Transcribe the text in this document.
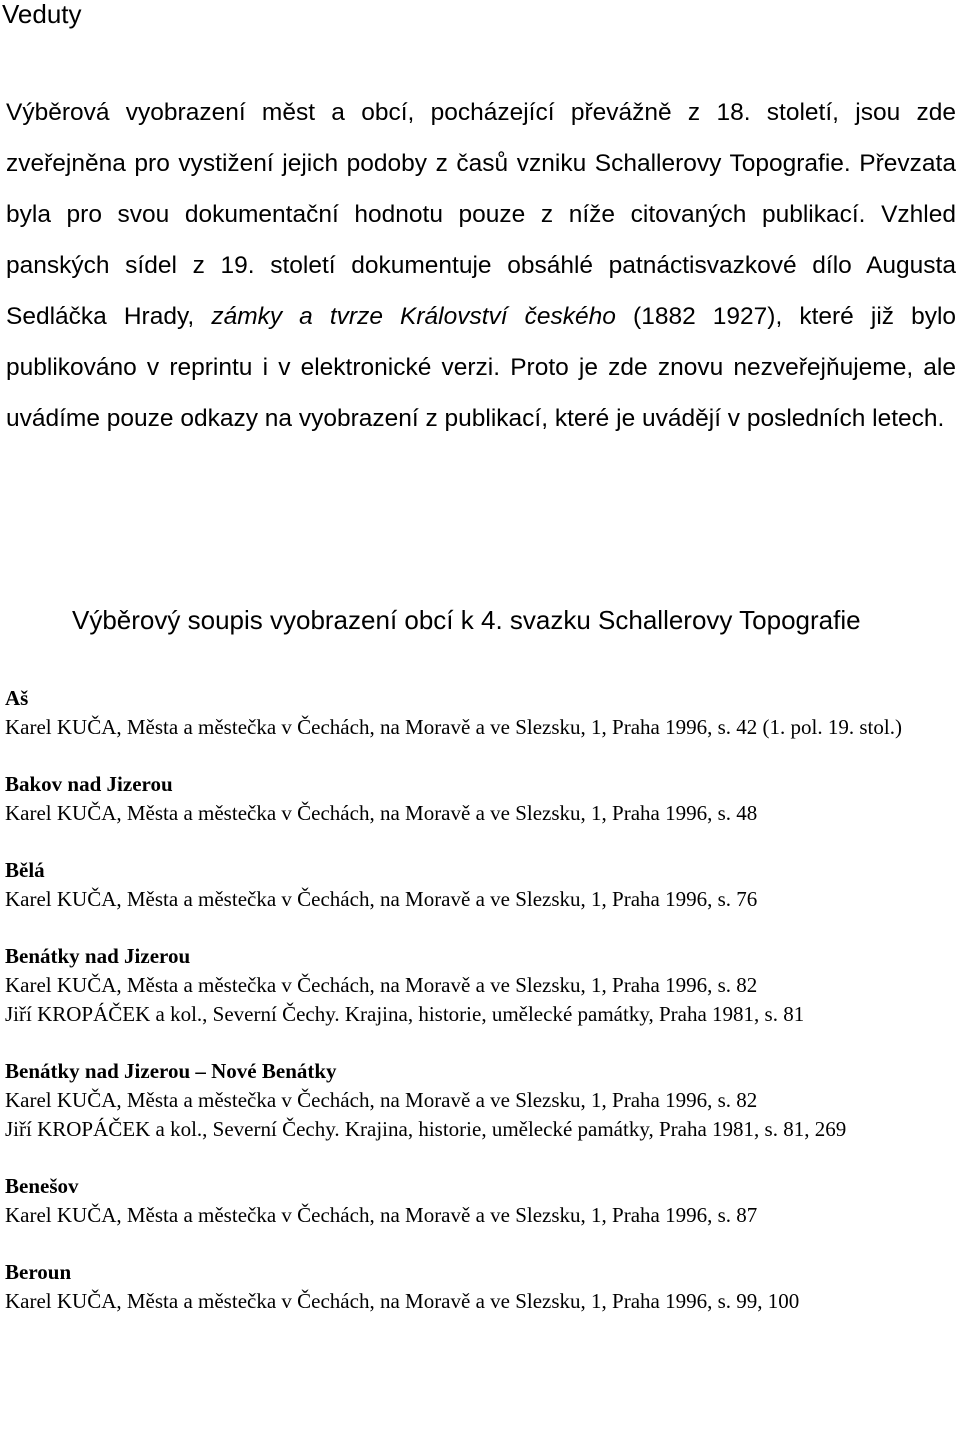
Veduty

Výběrová vyobrazení měst a obcí, pocházející převážně z 18. století, jsou zde zveřejněna pro vystižení jejich podoby z časů vzniku Schallerovy Topografie. Převzata byla pro svou dokumentační hodnotu pouze z níže citovaných publikací. Vzhled panských sídel z 19. století dokumentuje obsáhlé patnáctisvazkové dílo Augusta Sedláčka Hrady, zámky a tvrze Království českého (1882 1927), které již bylo publikováno v reprintu i v elektronické verzi. Proto je zde znovu nezveřejňujeme, ale uvádíme pouze odkazy na vyobrazení z publikací, které je uvádějí v posledních letech.

Výběrový soupis vyobrazení obcí k 4. svazku Schallerovy Topografie
Aš
Karel KUČA, Města a městečka v Čechách, na Moravě a ve Slezsku, 1, Praha 1996, s. 42 (1. pol. 19. stol.)
Bakov nad Jizerou
Karel KUČA, Města a městečka v Čechách, na Moravě a ve Slezsku, 1, Praha 1996, s. 48
Bělá
Karel KUČA, Města a městečka v Čechách, na Moravě a ve Slezsku, 1, Praha 1996, s. 76
Benátky nad Jizerou
Karel KUČA, Města a městečka v Čechách, na Moravě a ve Slezsku, 1, Praha 1996, s. 82
Jiří KROPÁČEK a kol., Severní Čechy. Krajina, historie, umělecké památky, Praha 1981, s. 81
Benátky nad Jizerou – Nové Benátky
Karel KUČA, Města a městečka v Čechách, na Moravě a ve Slezsku, 1, Praha 1996, s. 82
Jiří KROPÁČEK a kol., Severní Čechy. Krajina, historie, umělecké památky, Praha 1981, s. 81, 269
Benešov
Karel KUČA, Města a městečka v Čechách, na Moravě a ve Slezsku, 1, Praha 1996, s. 87
Beroun
Karel KUČA, Města a městečka v Čechách, na Moravě a ve Slezsku, 1, Praha 1996, s. 99, 100
